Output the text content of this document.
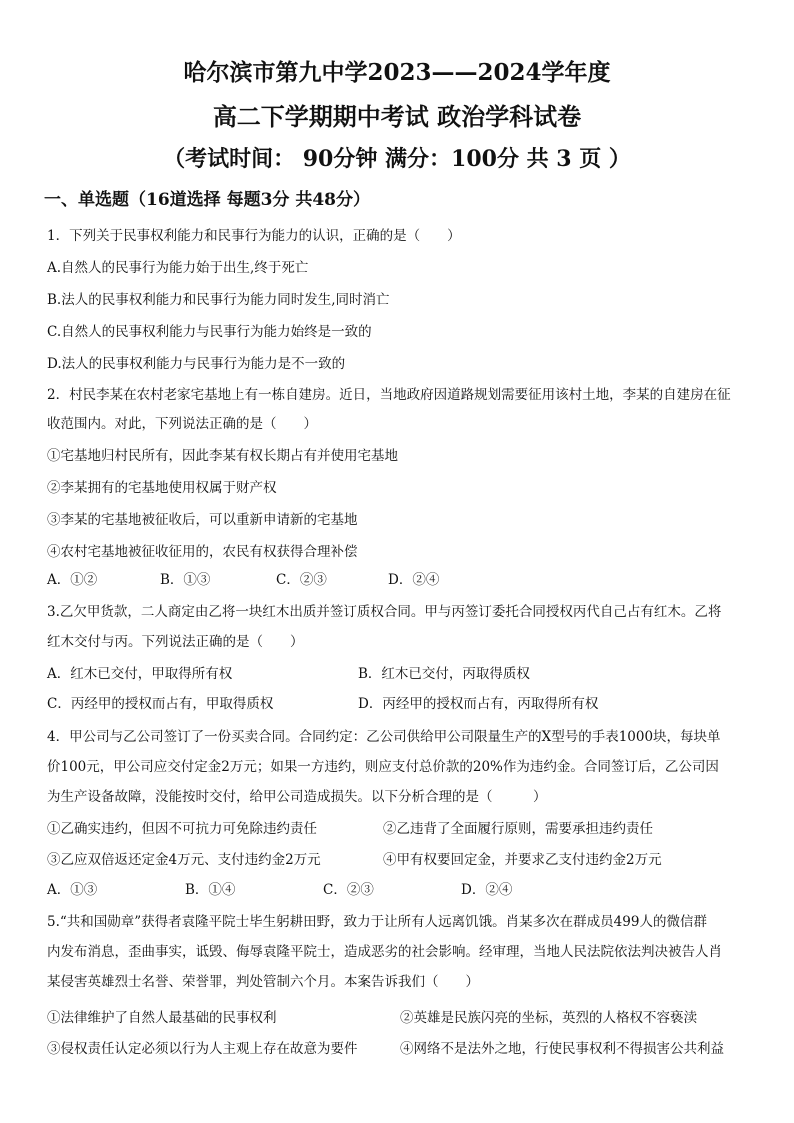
哈尔滨市第九中学2023——2024学年度
高二下学期期中考试 政治学科试卷
（考试时间： 90分钟 满分：100分 共 3 页 ）
一、单选题（16道选择 每题3分 共48分）
1．下列关于民事权利能力和民事行为能力的认识，正确的是（　　）
A.自然人的民事行为能力始于出生,终于死亡
B.法人的民事权利能力和民事行为能力同时发生,同时消亡
C.自然人的民事权利能力与民事行为能力始终是一致的
D.法人的民事权利能力与民事行为能力是不一致的
2．村民李某在农村老家宅基地上有一栋自建房。近日，当地政府因道路规划需要征用该村土地，李某的自建房在征
收范围内。对此，下列说法正确的是（　　）
①宅基地归村民所有，因此李某有权长期占有并使用宅基地
②李某拥有的宅基地使用权属于财产权
③李某的宅基地被征收后，可以重新申请新的宅基地
④农村宅基地被征收征用的，农民有权获得合理补偿
A．①②	B．①③	C．②③	D．②④
3.乙欠甲货款，二人商定由乙将一块红木出质并签订质权合同。甲与丙签订委托合同授权丙代自己占有红木。乙将
红木交付与丙。下列说法正确的是（　　）
A．红木已交付，甲取得所有权	B．红木已交付，丙取得质权
C．丙经甲的授权而占有，甲取得质权	D．丙经甲的授权而占有，丙取得所有权
4．甲公司与乙公司签订了一份买卖合同。合同约定：乙公司供给甲公司限量生产的X型号的手表1000块，每块单
价100元，甲公司应交付定金2万元；如果一方违约，则应支付总价款的20%作为违约金。合同签订后，乙公司因
为生产设备故障，没能按时交付，给甲公司造成损失。以下分析合理的是（　　　）
①乙确实违约，但因不可抗力可免除违约责任	②乙违背了全面履行原则，需要承担违约责任
③乙应双倍返还定金4万元、支付违约金2万元	④甲有权要回定金，并要求乙支付违约金2万元
A．①③	B．①④	C．②③	D．②④
5.“共和国勋章”获得者袁隆平院士毕生躬耕田野，致力于让所有人远离饥饿。肖某多次在群成员499人的微信群
内发布消息，歪曲事实，诋毁、侮辱袁隆平院士，造成恶劣的社会影响。经审理，当地人民法院依法判决被告人肖
某侵害英雄烈士名誉、荣誉罪，判处管制六个月。本案告诉我们（　　）
①法律维护了自然人最基础的民事权利	②英雄是民族闪亮的坐标，英烈的人格权不容亵渎
③侵权责任认定必须以行为人主观上存在故意为要件	④网络不是法外之地，行使民事权利不得损害公共利益
